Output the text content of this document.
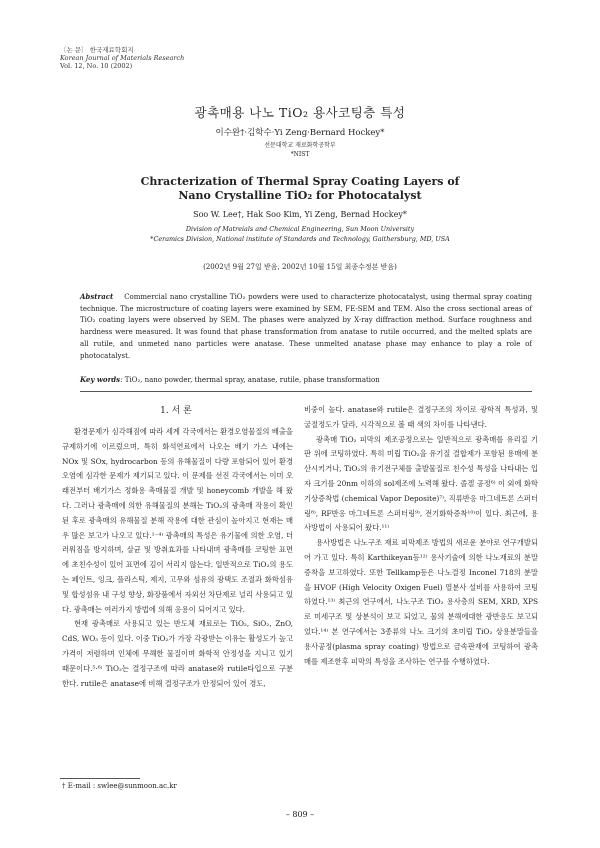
〔논 문〕 한국재료학회지
Korean Journal of Materials Research
Vol. 12, No. 10 (2002)
광촉매용 나노 TiO₂ 용사코팅층 특성
이수완†·김학수·Yi Zeng·Bernard Hockey*
선문대학교 재료화학공학부
*NIST
Chracterization of Thermal Spray Coating Layers of
Nano Crystalline TiO₂ for Photocatalyst
Soo W. Lee†, Hak Soo Kim, Yi Zeng, Bernad Hockey*
Division of Matreials and Chemical Engineering, Sun Moon University
*Ceramics Division, National institute of Standards and Technology, Gaithersburg, MD, USA
(2002년 9월 27일 받음, 2002년 10월 15일 최종수정본 받음)
Abstract Commercial nano crystalline TiO₂ powders were used to characterize photocatalyst, using thermal spray coating technique. The microstructure of coating layers were examined by SEM, FE-SEM and TEM. Also the cross sectional areas of TiO₂ coating layers were observed by SEM. The phases were analyzed by X-ray diffraction method. Surface roughness and hardness were measured. It was found that phase transformation from anatase to rutile occurred, and the melted splats are all rutile, and unmeted nano particles were anatase. These unmelted anatase phase may enhance to play a role of photocatalyst.
Key words: TiO₂, nano powder, thermal spray, anatase, rutile, phase transformation
1. 서 론

환경문제가 심각해짐에 따라 세계 각국에서는 환경오염물질의 배출을 규제하기에 이르렀으며, 특히 화석연료에서 나오는 배기 가스 내에는 NOx 및 SOx, hydrocarbon 등의 유해물질이 다량 포함되어 있어 환경 오염에 심각한 문제가 제기되고 있다. 이 문제를 선진 각국에서는 이미 오래전부터 배기가스 정화용 촉매물질 개발 및 honeycomb 개발을 해 왔다. 그러나 광촉매에 의한 유해물질의 분해는 TiO₂의 광촉매 작용이 확인된 후로 광촉매의 유해물질 분해 작용에 대한 관심이 높아지고 현재는 매우 많은 보고가 나오고 있다.¹⁻⁴⁾ 광촉매의 특성은 유기물에 의한 오염, 더러워짐을 방지하며, 살균 및 방취효과를 나타내며 광촉매를 코팅한 표면에 초친수성이 있어 표면에 김이 서리지 않는다. 일반적으로 TiO₂의 용도는 페인트, 잉크, 플라스틱, 제지, 고무와 섬유의 광택도 조절과 화학섬유 및 합성섬유 내 구성 향상, 화장품에서 자외선 차단제로 널리 사용되고 있다. 광촉매는 여러가지 방법에 의해 응용이 되어지고 있다.

현재 광촉매로 사용되고 있는 반도체 재료로는 TiO₂, SiO₂, ZnO, CdS, WO₃ 등이 있다. 이중 TiO₂가 가장 각광받는 이유는 활성도가 높고 가격이 저렴하며 인체에 무해한 물질이며 화학적 안정성을 지니고 있기 때문이다.⁵·⁶⁾ TiO₂는 결정구조에 따라 anatase와 rutile타입으로 구분한다. rutile은 anatase에 비해 결정구조가 안정되어 있어 경도,

비중이 높다. anatase와 rutile은 결정구조의 차이로 광학적 특성과, 및 굴절정도가 달라, 시각적으로 볼 때 색의 차이를 나타낸다.

광촉매 TiO₂ 피막의 제조공정으로는 일반적으로 광촉매를 유리질 기판 위에 코팅하였다. 특히 미립 TiO₂을 유기질 결합제가 포함된 용매에 분산시키거나, TiO₂의 유기전구체를 출발물질로 친수성 특성을 나타내는 입자 크기를 20nm 이하의 sol제조에 노력해 왔다. 졸겔 공정⁶⁾ 이 외에 화학기상증착법 (chemical Vapor Deposite)⁷⁾, 직류반응 마그네트론 스퍼터링⁸⁾, RF반응 마그네트론 스퍼터링⁹⁾, 전기화학증착¹⁰⁾이 있다. 최근에, 용사방법이 사용되어 왔다.¹¹⁾

용사방법은 나노구조 재료 피막제조 방법의 새로운 분야로 연구개발되어 가고 있다. 특히 Karthikeyan등¹²⁾ 용사기술에 의한 나노재료의 분말 증착을 보고하였다. 또한 Tellkamp등은 나노결정 Inconel 718의 분말을 HVOF (High Velocity Oxigen Fuel) 열분사 설비를 사용하여 코팅하였다.¹³⁾ 최근의 연구에서, 나노구조 TiO₂ 용사층의 SEM, XRD, XPS로 미세구조 및 상분석이 보고 되었고, 물의 분해에대한 광반응도 보고되었다.¹⁴⁾ 본 연구에서는 3종류의 나노 크기의 초미립 TiO₂ 상용분말들을 용사공정(plasma spray coating) 방법으로 금속판재에 코팅하여 광촉매를 제조한후 피막의 특성을 조사하는 연구를 수행하였다.

† E-mail : swlee@sunmoon.ac.kr
– 809 –
